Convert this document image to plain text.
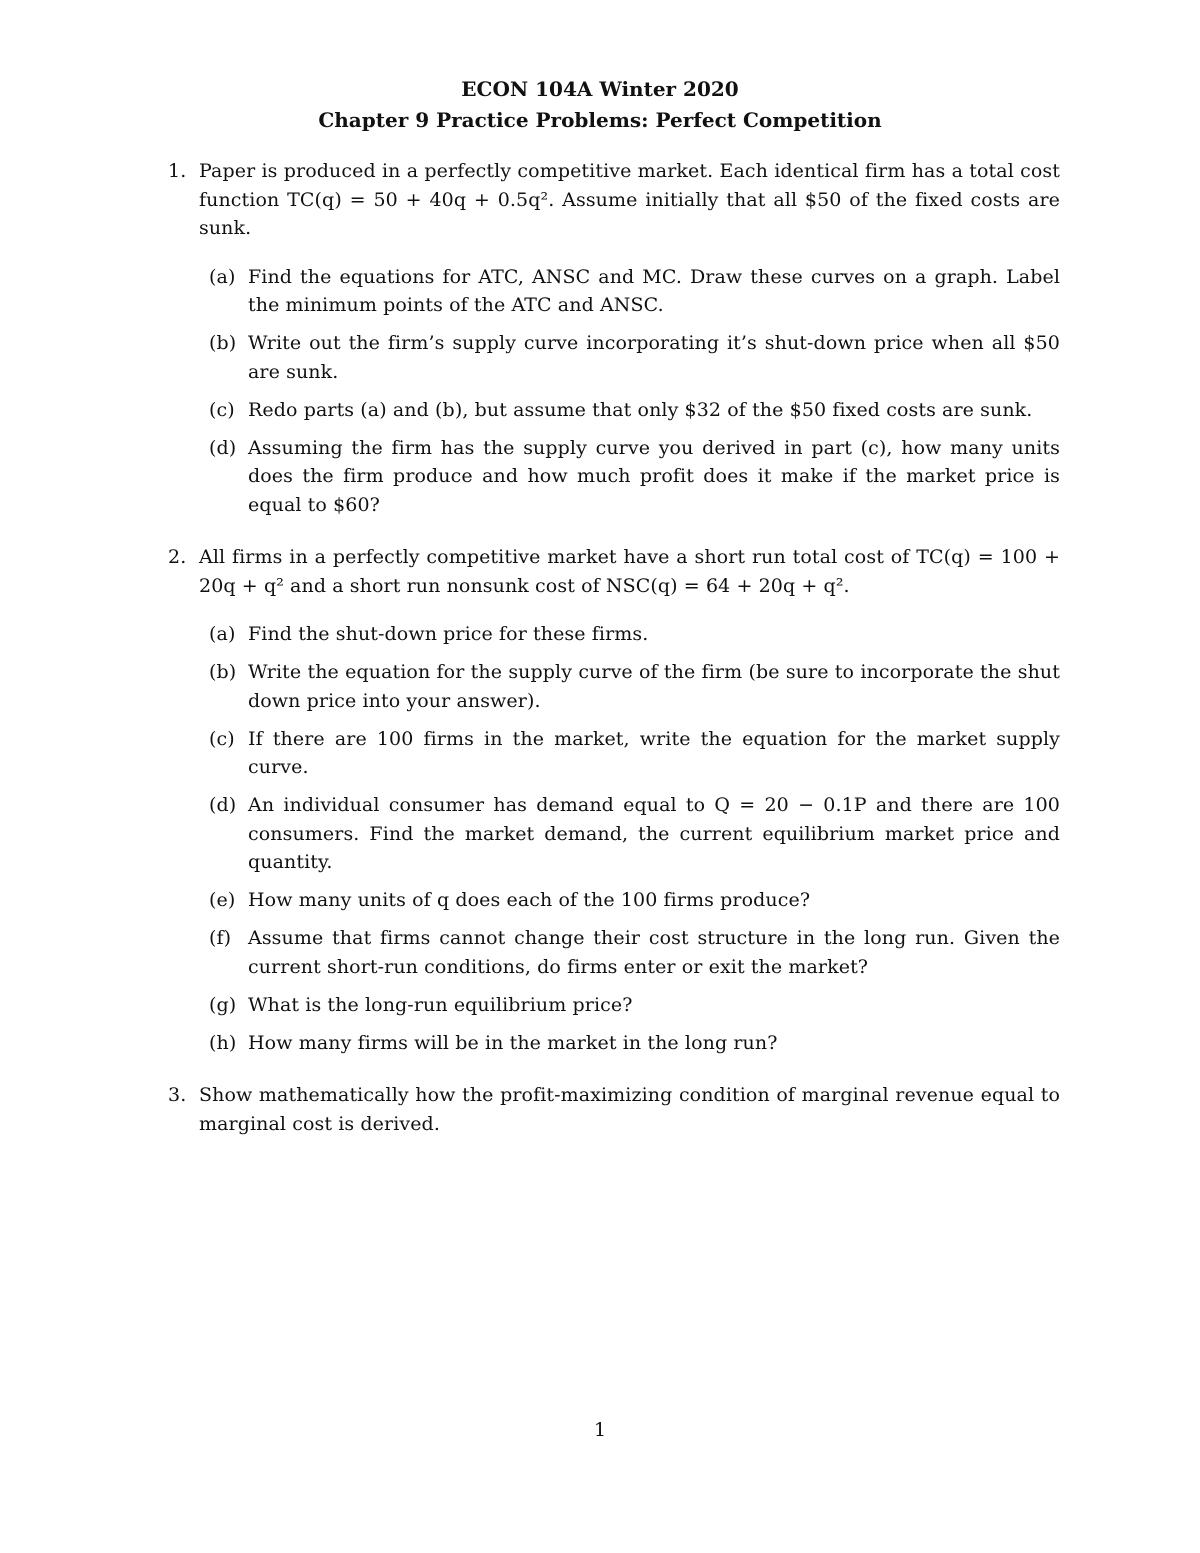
ECON 104A Winter 2020
Chapter 9 Practice Problems: Perfect Competition
1. Paper is produced in a perfectly competitive market. Each identical firm has a total cost function TC(q) = 50 + 40q + 0.5q². Assume initially that all $50 of the fixed costs are sunk.
(a) Find the equations for ATC, ANSC and MC. Draw these curves on a graph. Label the minimum points of the ATC and ANSC.
(b) Write out the firm’s supply curve incorporating it’s shut-down price when all $50 are sunk.
(c) Redo parts (a) and (b), but assume that only $32 of the $50 fixed costs are sunk.
(d) Assuming the firm has the supply curve you derived in part (c), how many units does the firm produce and how much profit does it make if the market price is equal to $60?
2. All firms in a perfectly competitive market have a short run total cost of TC(q) = 100 + 20q + q² and a short run nonsunk cost of NSC(q) = 64 + 20q + q².
(a) Find the shut-down price for these firms.
(b) Write the equation for the supply curve of the firm (be sure to incorporate the shut down price into your answer).
(c) If there are 100 firms in the market, write the equation for the market supply curve.
(d) An individual consumer has demand equal to Q = 20 − 0.1P and there are 100 consumers. Find the market demand, the current equilibrium market price and quantity.
(e) How many units of q does each of the 100 firms produce?
(f) Assume that firms cannot change their cost structure in the long run. Given the current short-run conditions, do firms enter or exit the market?
(g) What is the long-run equilibrium price?
(h) How many firms will be in the market in the long run?
3. Show mathematically how the profit-maximizing condition of marginal revenue equal to marginal cost is derived.
1
